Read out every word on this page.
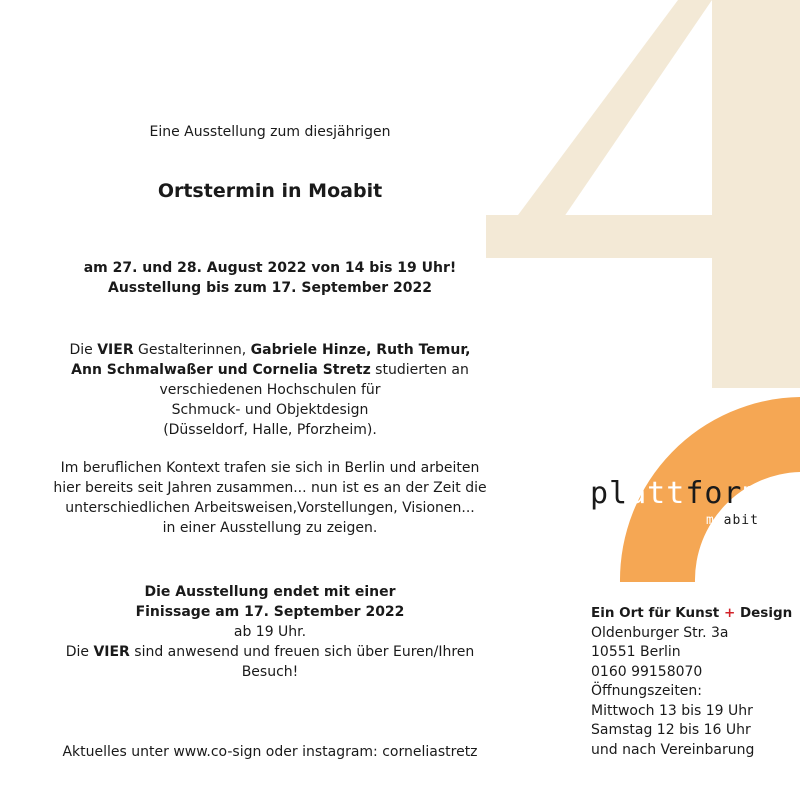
Eine Ausstellung zum diesjährigen
Ortstermin in Moabit
am 27. und 28. August 2022 von 14 bis 19 Uhr!
Ausstellung bis zum 17. September 2022
Die VIER Gestalterinnen, Gabriele Hinze, Ruth Temur,
Ann Schmalwaßer und Cornelia Stretz studierten an
verschiedenen Hochschulen für
Schmuck- und Objektdesign
(Düsseldorf, Halle, Pforzheim).
Im beruflichen Kontext trafen sie sich in Berlin und arbeiten
hier bereits seit Jahren zusammen... nun ist es an der Zeit die
unterschiedlichen Arbeitsweisen,Vorstellungen, Visionen...
in einer Ausstellung zu zeigen.
Die Ausstellung endet mit einer
Finissage am 17. September 2022
ab 19 Uhr.
Die VIER sind anwesend und freuen sich über Euren/Ihren
Besuch!
Aktuelles unter www.co-sign oder instagram: corneliastretz
plattform
moabit
Ein Ort für Kunst + Design
Oldenburger Str. 3a
10551 Berlin
0160 99158070
Öffnungszeiten:
Mittwoch 13 bis 19 Uhr
Samstag 12 bis 16 Uhr
und nach Vereinbarung
